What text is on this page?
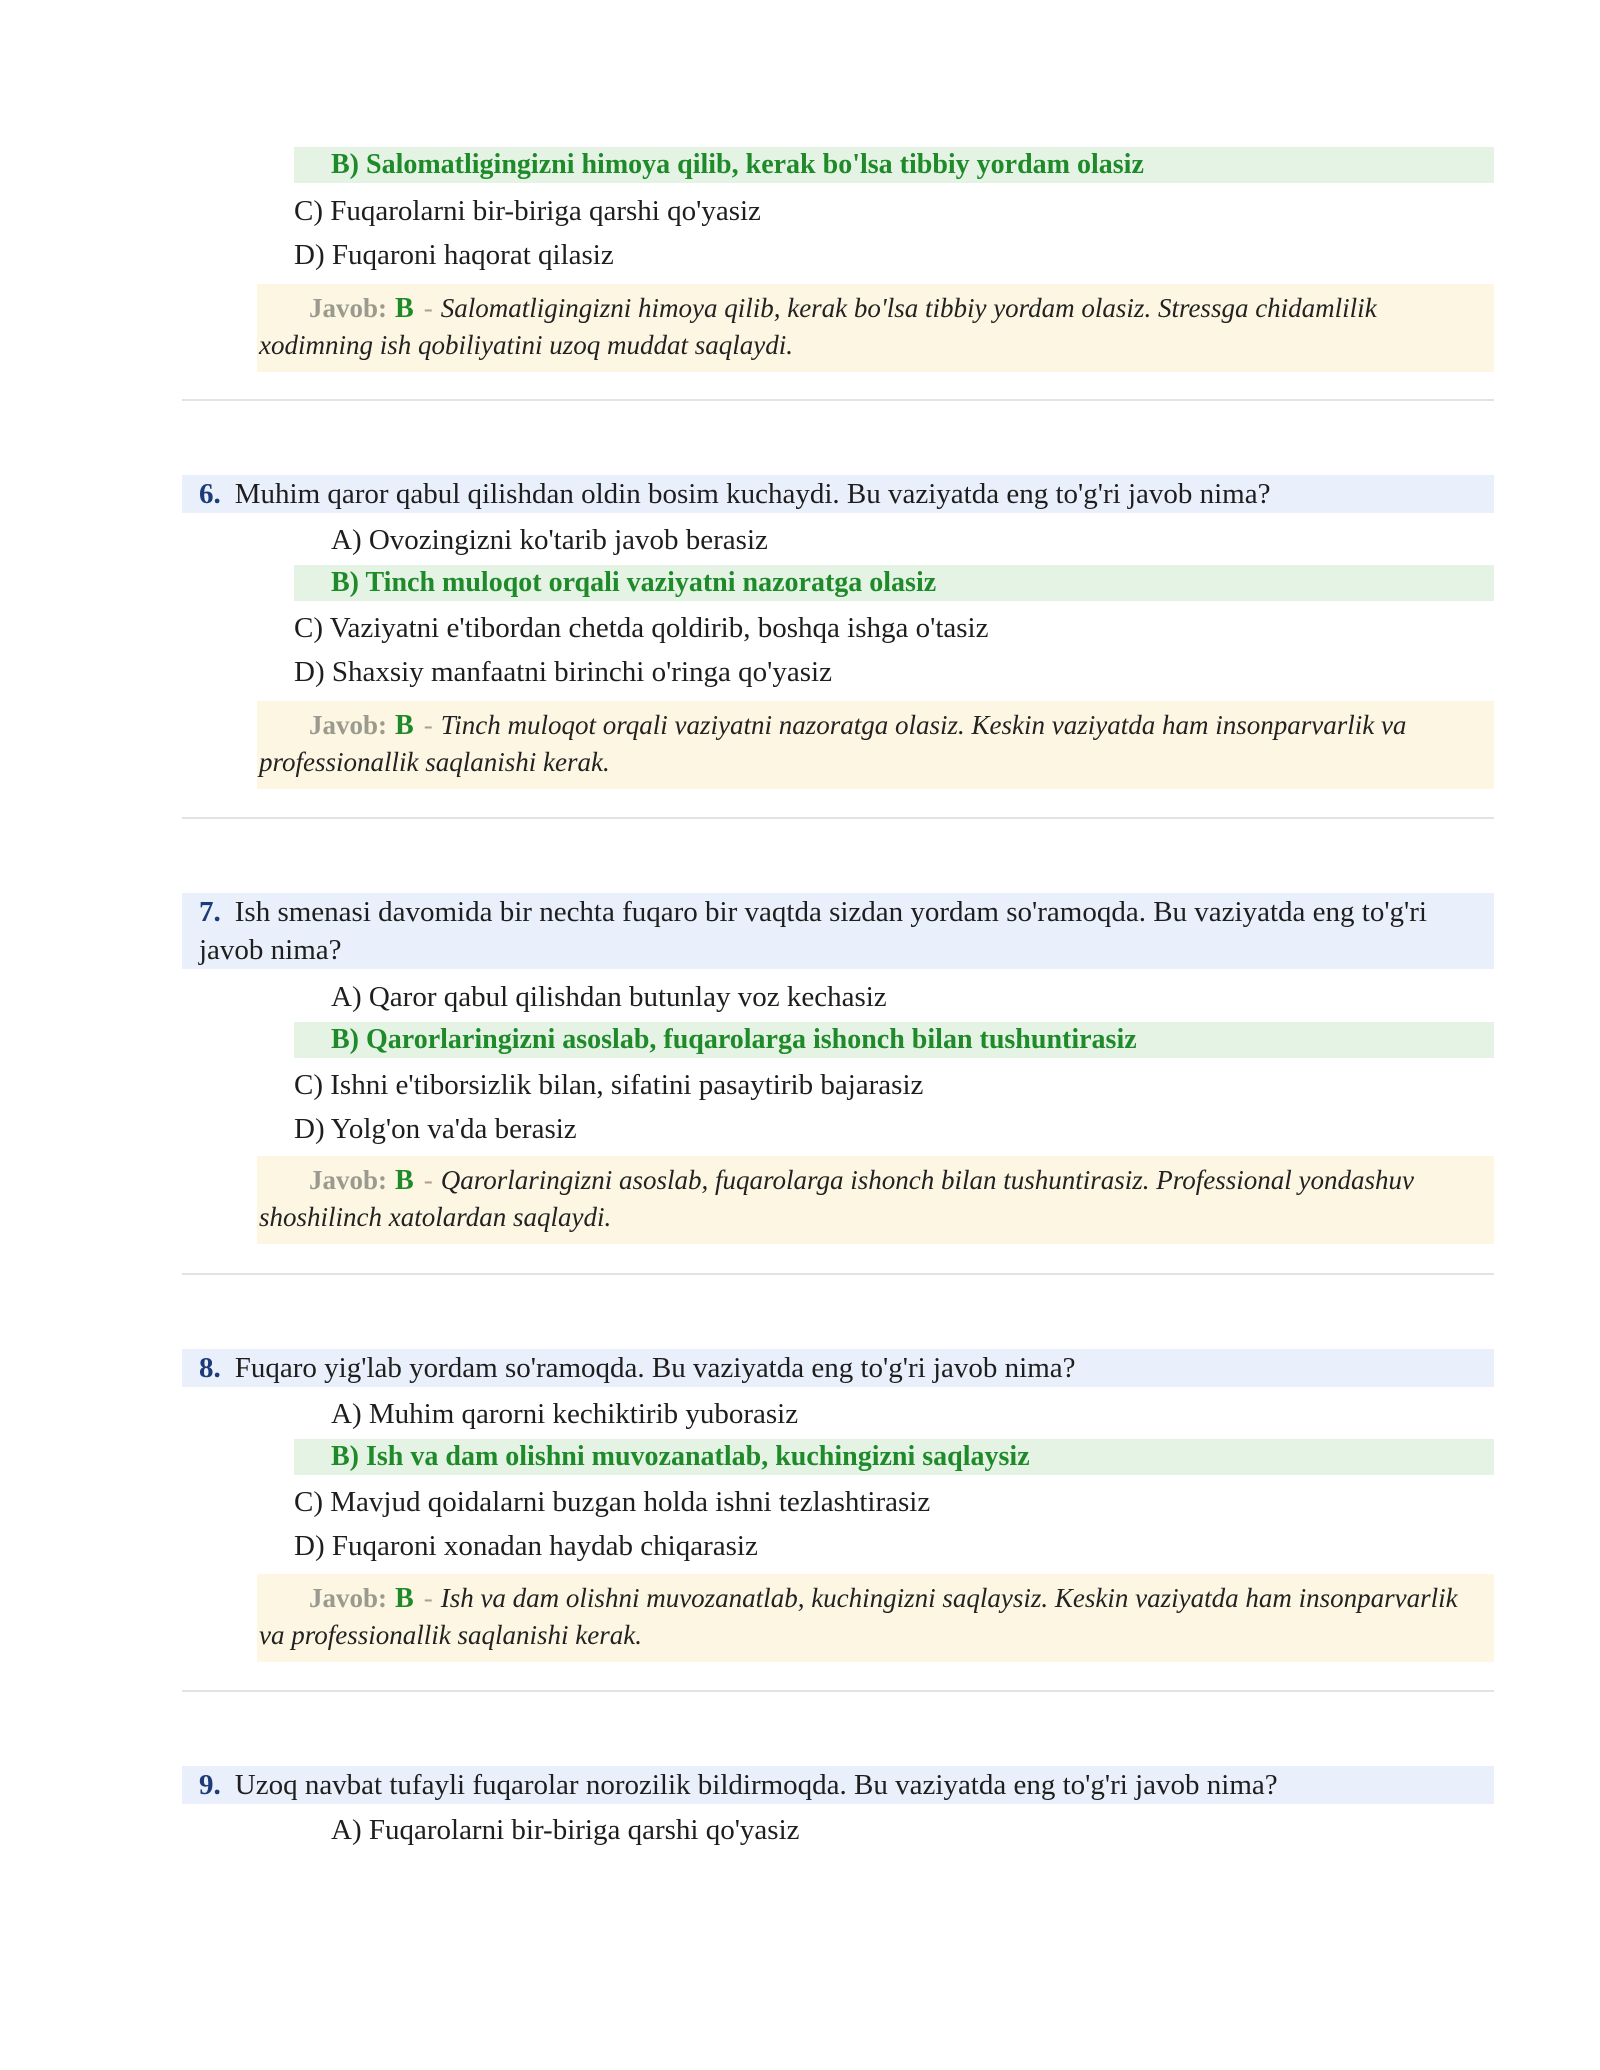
B) Salomatligingizni himoya qilib, kerak bo'lsa tibbiy yordam olasiz
C) Fuqarolarni bir-biriga qarshi qo'yasiz
D) Fuqaroni haqorat qilasiz
Javob: B - Salomatligingizni himoya qilib, kerak bo'lsa tibbiy yordam olasiz. Stressga chidamlilik xodimning ish qobiliyatini uzoq muddat saqlaydi.
6. Muhim qaror qabul qilishdan oldin bosim kuchaydi. Bu vaziyatda eng to'g'ri javob nima?
A) Ovozingizni ko'tarib javob berasiz
B) Tinch muloqot orqali vaziyatni nazoratga olasiz
C) Vaziyatni e'tibordan chetda qoldirib, boshqa ishga o'tasiz
D) Shaxsiy manfaatni birinchi o'ringa qo'yasiz
Javob: B - Tinch muloqot orqali vaziyatni nazoratga olasiz. Keskin vaziyatda ham insonparvarlik va professionallik saqlanishi kerak.
7. Ish smenasi davomida bir nechta fuqaro bir vaqtda sizdan yordam so'ramoqda. Bu vaziyatda eng to'g'ri javob nima?
A) Qaror qabul qilishdan butunlay voz kechasiz
B) Qarorlaringizni asoslab, fuqarolarga ishonch bilan tushuntirasiz
C) Ishni e'tiborsizlik bilan, sifatini pasaytirib bajarasiz
D) Yolg'on va'da berasiz
Javob: B - Qarorlaringizni asoslab, fuqarolarga ishonch bilan tushuntirasiz. Professional yondashuv shoshilinch xatolardan saqlaydi.
8. Fuqaro yig'lab yordam so'ramoqda. Bu vaziyatda eng to'g'ri javob nima?
A) Muhim qarorni kechiktirib yuborasiz
B) Ish va dam olishni muvozanatlab, kuchingizni saqlaysiz
C) Mavjud qoidalarni buzgan holda ishni tezlashtirasiz
D) Fuqaroni xonadan haydab chiqarasiz
Javob: B - Ish va dam olishni muvozanatlab, kuchingizni saqlaysiz. Keskin vaziyatda ham insonparvarlik va professionallik saqlanishi kerak.
9. Uzoq navbat tufayli fuqarolar norozilik bildirmoqda. Bu vaziyatda eng to'g'ri javob nima?
A) Fuqarolarni bir-biriga qarshi qo'yasiz
